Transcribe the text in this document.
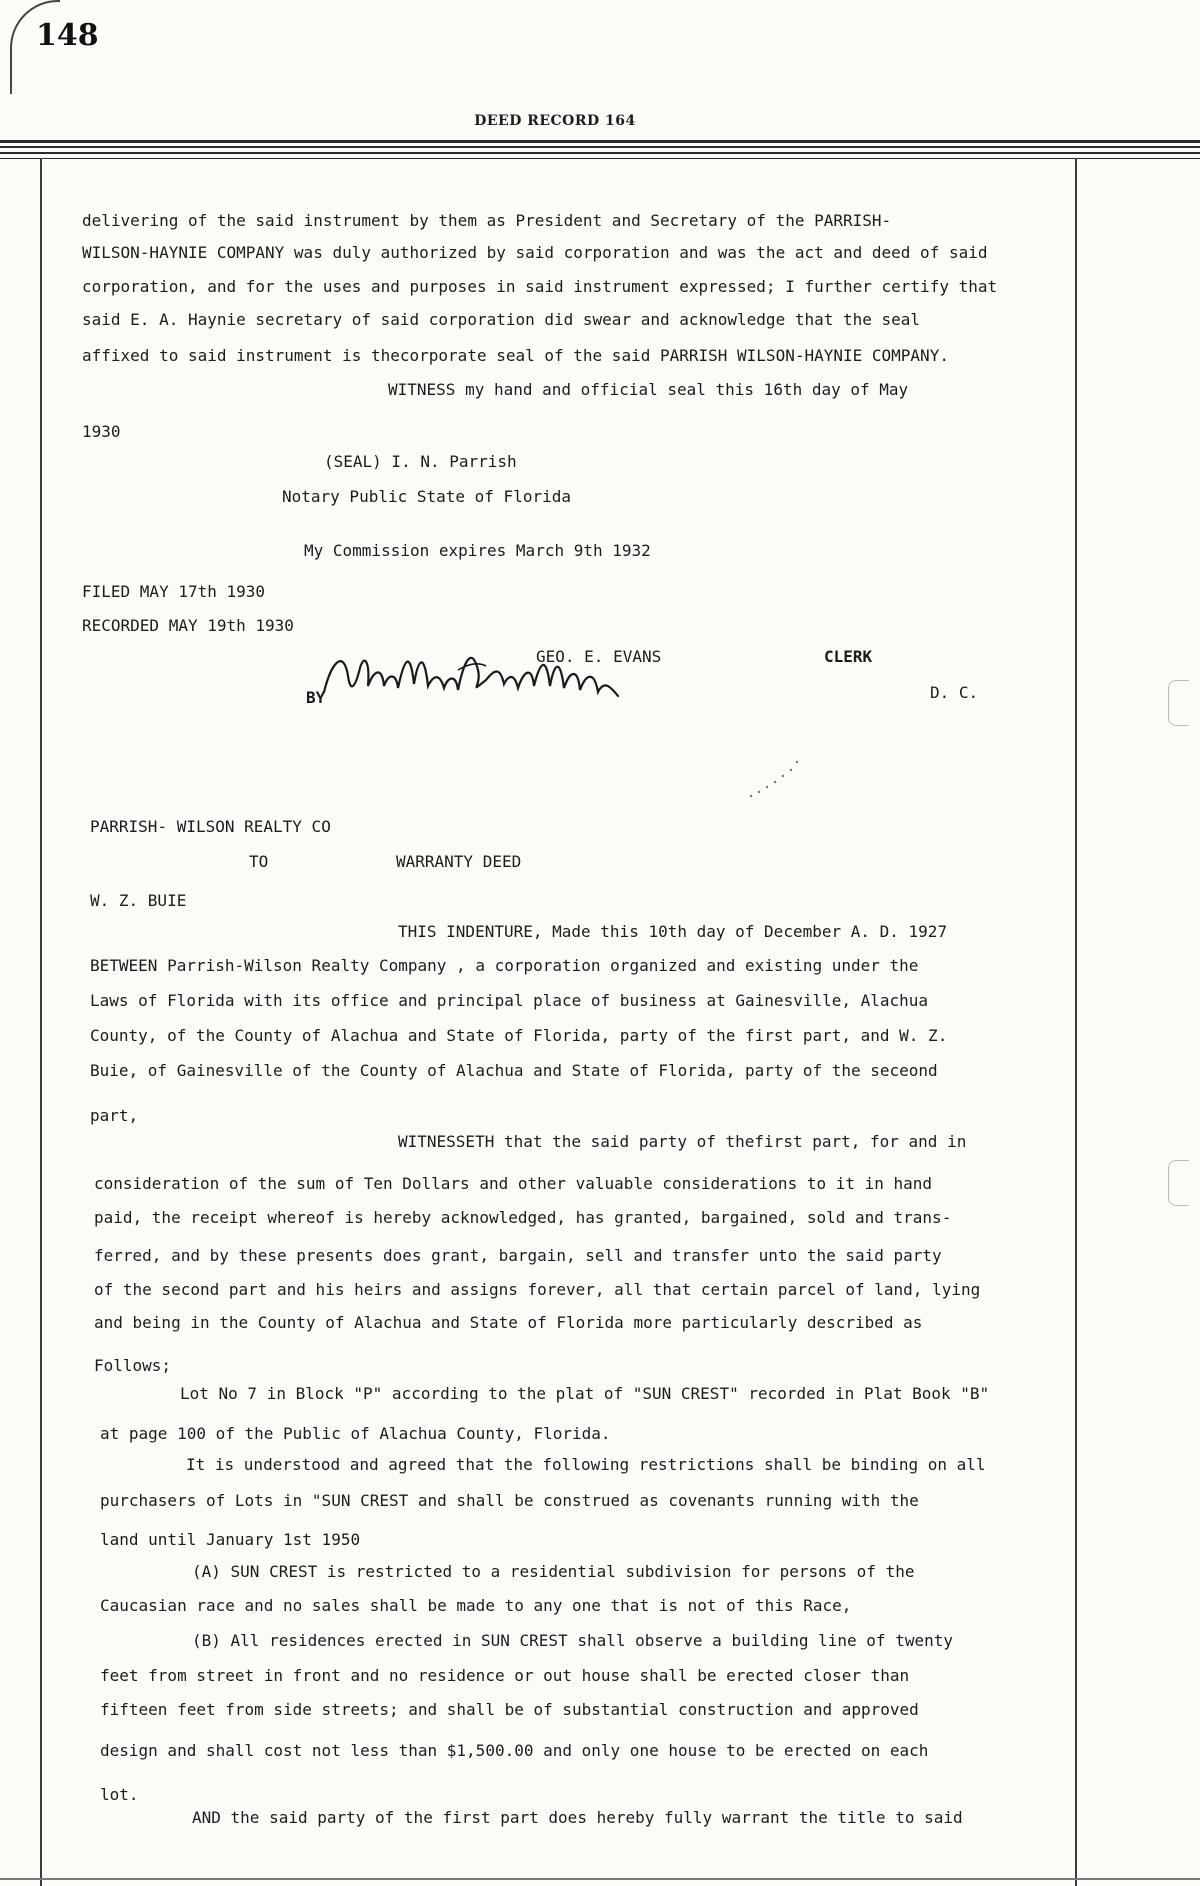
148
DEED RECORD 164
delivering of the said instrument by them as President and Secretary of the PARRISH-
WILSON-HAYNIE COMPANY was duly authorized by said corporation and was the act and deed of said
corporation, and for the uses and purposes in said instrument expressed; I further certify that
said E. A. Haynie secretary of said corporation did swear and acknowledge that the seal
affixed to said instrument is thecorporate seal of the said PARRISH WILSON-HAYNIE COMPANY.
WITNESS my hand and official seal this 16th day of May
1930
(SEAL) I. N. Parrish
Notary Public State of Florida
My Commission expires March 9th 1932
FILED MAY 17th 1930
RECORDED MAY 19th 1930
GEO. E. EVANS	CLERK
BY	D. C.
PARRISH- WILSON REALTY CO
TO	WARRANTY DEED
W. Z. BUIE
THIS INDENTURE, Made this 10th day of December A. D. 1927
BETWEEN Parrish-Wilson Realty Company , a corporation organized and existing under the
Laws of Florida with its office and principal place of business at Gainesville, Alachua
County, of the County of Alachua and State of Florida, party of the first part, and W. Z.
Buie, of Gainesville of the County of Alachua and State of Florida, party of the seceond
part,
WITNESSETH that the said party of thefirst part, for and in
consideration of the sum of Ten Dollars and other valuable considerations to it in hand
paid, the receipt whereof is hereby acknowledged, has granted, bargained, sold and trans-
ferred, and by these presents does grant, bargain, sell and transfer unto the said party
of the second part and his heirs and assigns forever, all that certain parcel of land, lying
and being in the County of Alachua and State of Florida more particularly described as
Follows;
Lot No 7 in Block "P" according to the plat of "SUN CREST" recorded in Plat Book "B"
at page 100 of the Public of Alachua County, Florida.
It is understood and agreed that the following restrictions shall be binding on all
purchasers of Lots in "SUN CREST and shall be construed as covenants running with the
land until January 1st 1950
(A) SUN CREST is restricted to a residential subdivision for persons of the
Caucasian race and no sales shall be made to any one that is not of this Race,
(B) All residences erected in SUN CREST shall observe a building line of twenty
feet from street in front and no residence or out house shall be erected closer than
fifteen feet from side streets; and shall be of substantial construction and approved
design and shall cost not less than $1,500.00 and only one house to be erected on each
lot.
AND the said party of the first part does hereby fully warrant the title to said
